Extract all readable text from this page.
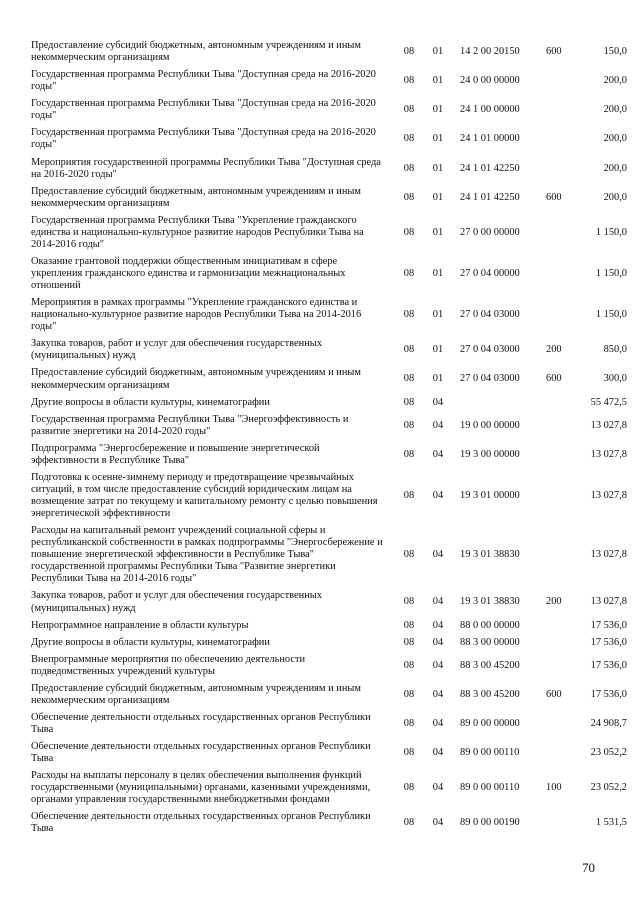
Предоставление субсидий бюджетным, автономным учреждениям и иным некоммерческим организациям	08	01	14 2 00 20150	600	150,0
Государственная программа Республики Тыва "Доступная среда на 2016-2020 годы"	08	01	24 0 00 00000		200,0
Государственная программа Республики Тыва "Доступная среда на 2016-2020 годы"	08	01	24 1 00 00000		200,0
Государственная программа Республики Тыва "Доступная среда на 2016-2020 годы"	08	01	24 1 01 00000		200,0
Мероприятия государственной программы Республики Тыва "Доступная среда на 2016-2020 годы"	08	01	24 1 01 42250		200,0
Предоставление субсидий бюджетным, автономным учреждениям и иным некоммерческим организациям	08	01	24 1 01 42250	600	200,0
Государственная программа Республики Тыва "Укрепление гражданского единства и национально-культурное развитие народов Республики Тыва на 2014-2016 годы"	08	01	27 0 00 00000		1 150,0
Оказание грантовой поддержки общественным инициативам в сфере укрепления гражданского единства и гармонизации межнациональных отношений	08	01	27 0 04 00000		1 150,0
Мероприятия в рамках программы "Укрепление гражданского единства и национально-культурное развитие народов Республики Тыва на 2014-2016 годы"	08	01	27 0 04 03000		1 150,0
Закупка товаров, работ и услуг для обеспечения государственных (муниципальных) нужд	08	01	27 0 04 03000	200	850,0
Предоставление субсидий бюджетным, автономным учреждениям и иным некоммерческим организациям	08	01	27 0 04 03000	600	300,0
Другие вопросы в области культуры, кинематографии	08	04			55 472,5
Государственная программа Республики Тыва "Энергоэффективность и развитие энергетики на 2014-2020 годы"	08	04	19 0 00 00000		13 027,8
Подпрограмма "Энергосбережение и повышение энергетической эффективности в Республике Тыва"	08	04	19 3 00 00000		13 027,8
Подготовка к осенне-зимнему периоду и предотвращение чрезвычайных ситуаций, в том числе предоставление субсидий юридическим лицам на возмещение затрат по текущему и капитальному ремонту с целью повышения энергетической эффективности	08	04	19 3 01 00000		13 027,8
Расходы на капитальный ремонт учреждений социальной сферы и республиканской собственности в рамках подпрограммы "Энергосбережение и повышение энергетической эффективности в Республике Тыва" государственной программы Республики Тыва "Развитие энергетики Республики Тыва на 2014-2016 годы"	08	04	19 3 01 38830		13 027,8
Закупка товаров, работ и услуг для обеспечения государственных (муниципальных) нужд	08	04	19 3 01 38830	200	13 027,8
Непрограммное направление в области культуры	08	04	88 0 00 00000		17 536,0
Другие вопросы в области культуры, кинематографии	08	04	88 3 00 00000		17 536,0
Внепрограммные мероприятия по обеспечению деятельности подведомственных учреждений культуры	08	04	88 3 00 45200		17 536,0
Предоставление субсидий бюджетным, автономным учреждениям и иным некоммерческим организациям	08	04	88 3 00 45200	600	17 536,0
Обеспечение деятельности отдельных государственных органов Республики Тыва	08	04	89 0 00 00000		24 908,7
Обеспечение деятельности отдельных государственных органов Республики Тыва	08	04	89 0 00 00110		23 052,2
Расходы на выплаты персоналу в целях обеспечения выполнения функций государственными (муниципальными) органами, казенными учреждениями, органами управления государственными внебюджетными фондами	08	04	89 0 00 00110	100	23 052,2
Обеспечение деятельности отдельных государственных органов Республики Тыва	08	04	89 0 00 00190		1 531,5
70
